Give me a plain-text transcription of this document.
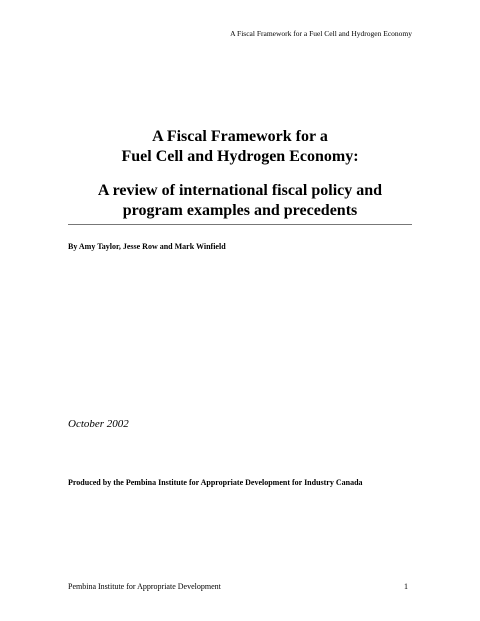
A Fiscal Framework for a Fuel Cell and Hydrogen Economy
A Fiscal Framework for a
Fuel Cell and Hydrogen Economy:
A review of international fiscal policy and
program examples and precedents
By Amy Taylor, Jesse Row and Mark Winfield
October 2002
Produced by the Pembina Institute for Appropriate Development for Industry Canada
Pembina Institute for Appropriate Development	1
